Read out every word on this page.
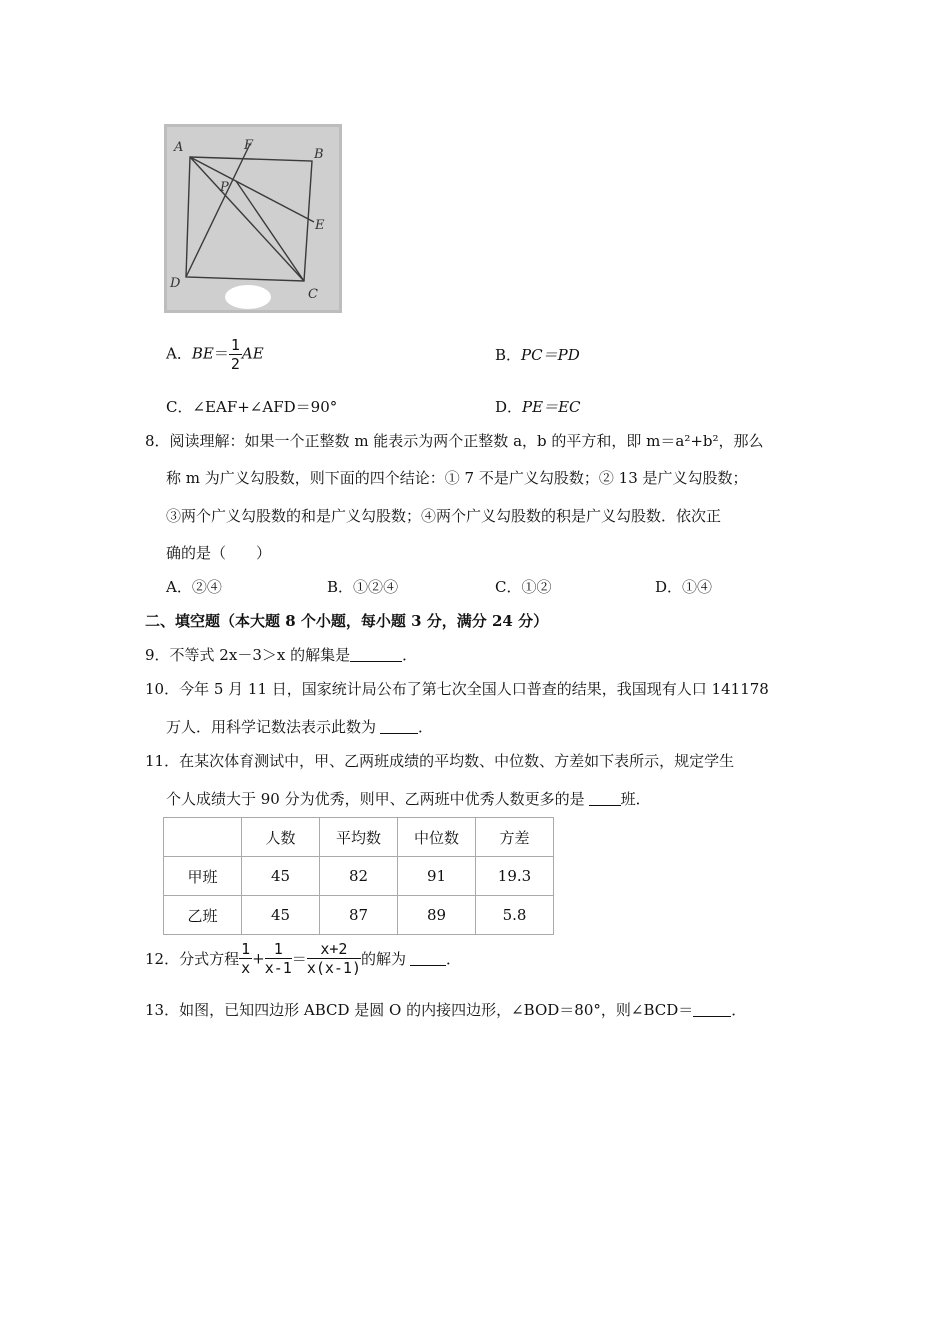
A	F
B
P
E
D
C
A．$BE= \frac{1}{2}$ AE	B．PC＝PD
C．∠EAF+∠AFD＝90°	D．PE＝EC
8．阅读理解：如果一个正整数 m 能表示为两个正整数 a，b 的平方和，即 m＝a²+b²，那么
称 m 为广义勾股数，则下面的四个结论：① 7 不是广义勾股数；② 13 是广义勾股数；
③两个广义勾股数的和是广义勾股数；④两个广义勾股数的积是广义勾股数．依次正
确的是（　　）
A．②④	B．①②④	C．①②	D．①④
二、填空题（本大题 8 个小题，每小题 3 分，满分 24 分）
9．不等式 2x－3＞x 的解集是	．
10．今年 5 月 11 日，国家统计局公布了第七次全国人口普查的结果，我国现有人口 141178
万人．用科学记数法表示此数为	．
11．在某次体育测试中，甲、乙两班成绩的平均数、中位数、方差如下表所示，规定学生
个人成绩大于 90 分为优秀，则甲、乙两班中优秀人数更多的是 班．
	人数	平均数	中位数	方差
甲班	45	82	91	19.3
乙班	45	87	89	5.8
12．分式方程 $\frac{1}{x} + \frac{1}{x-1} = \frac{x+2}{x(x-1)}$ 的解为	．
13．如图，已知四边形 ABCD 是圆 O 的内接四边形，∠BOD＝80°，则∠BCD＝	．
